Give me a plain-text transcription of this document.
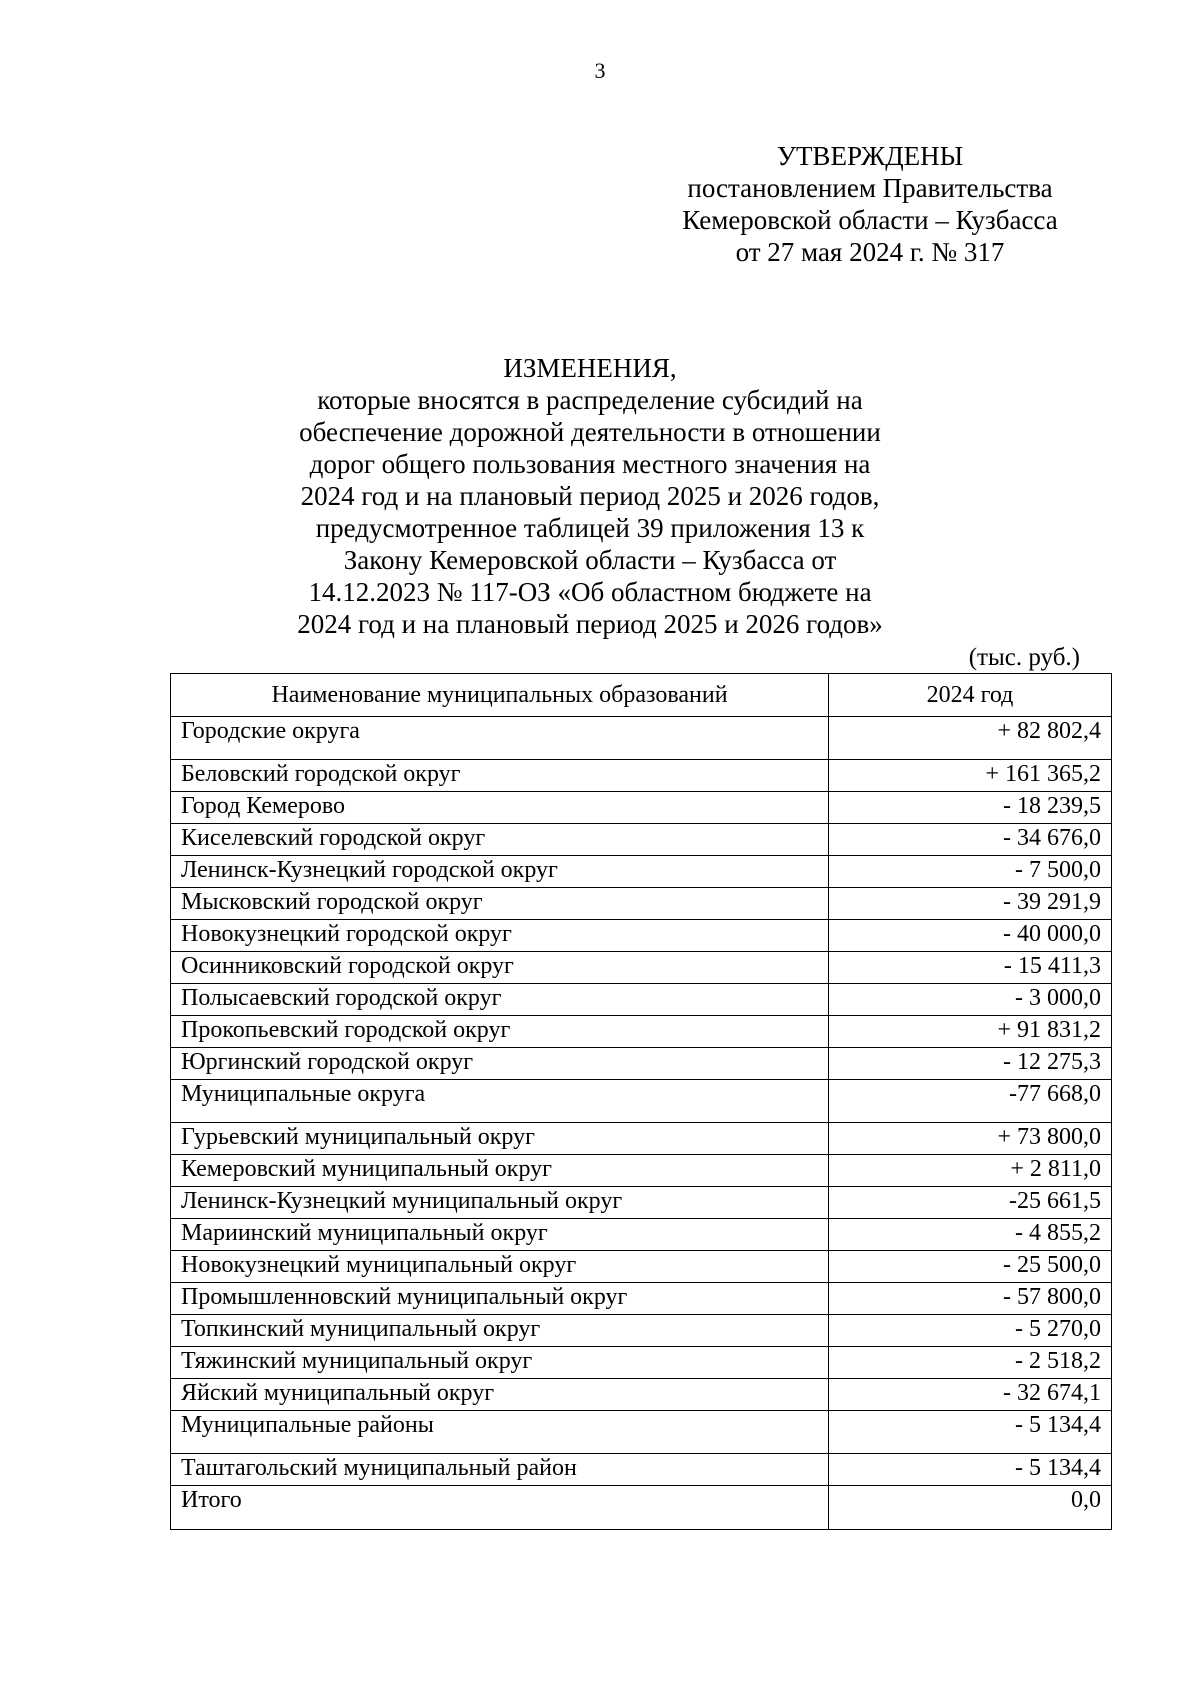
3
УТВЕРЖДЕНЫ
постановлением Правительства
Кемеровской области – Кузбасса
от 27 мая 2024 г. № 317
ИЗМЕНЕНИЯ,
которые вносятся в распределение субсидий на
обеспечение дорожной деятельности в отношении
дорог общего пользования местного значения на
2024 год и на плановый период 2025 и 2026 годов,
предусмотренное таблицей 39 приложения 13 к
Закону Кемеровской области – Кузбасса от
14.12.2023 № 117-ОЗ «Об областном бюджете на
2024 год и на плановый период 2025 и 2026 годов»
(тыс. руб.)
Наименование муниципальных образований	2024 год
Городские округа	+ 82 802,4
Беловский городской округ	+ 161 365,2
Город Кемерово	- 18 239,5
Киселевский городской округ	- 34 676,0
Ленинск-Кузнецкий городской округ	- 7 500,0
Мысковский городской округ	- 39 291,9
Новокузнецкий городской округ	- 40 000,0
Осинниковский городской округ	- 15 411,3
Полысаевский городской округ	- 3 000,0
Прокопьевский городской округ	+ 91 831,2
Юргинский городской округ	- 12 275,3
Муниципальные округа	-77 668,0
Гурьевский муниципальный округ	+ 73 800,0
Кемеровский муниципальный округ	+ 2 811,0
Ленинск-Кузнецкий муниципальный округ	-25 661,5
Мариинский муниципальный округ	- 4 855,2
Новокузнецкий муниципальный округ	- 25 500,0
Промышленновский муниципальный округ	- 57 800,0
Топкинский муниципальный округ	- 5 270,0
Тяжинский муниципальный округ	- 2 518,2
Яйский муниципальный округ	- 32 674,1
Муниципальные районы	- 5 134,4
Таштагольский муниципальный район	- 5 134,4
Итого	0,0
